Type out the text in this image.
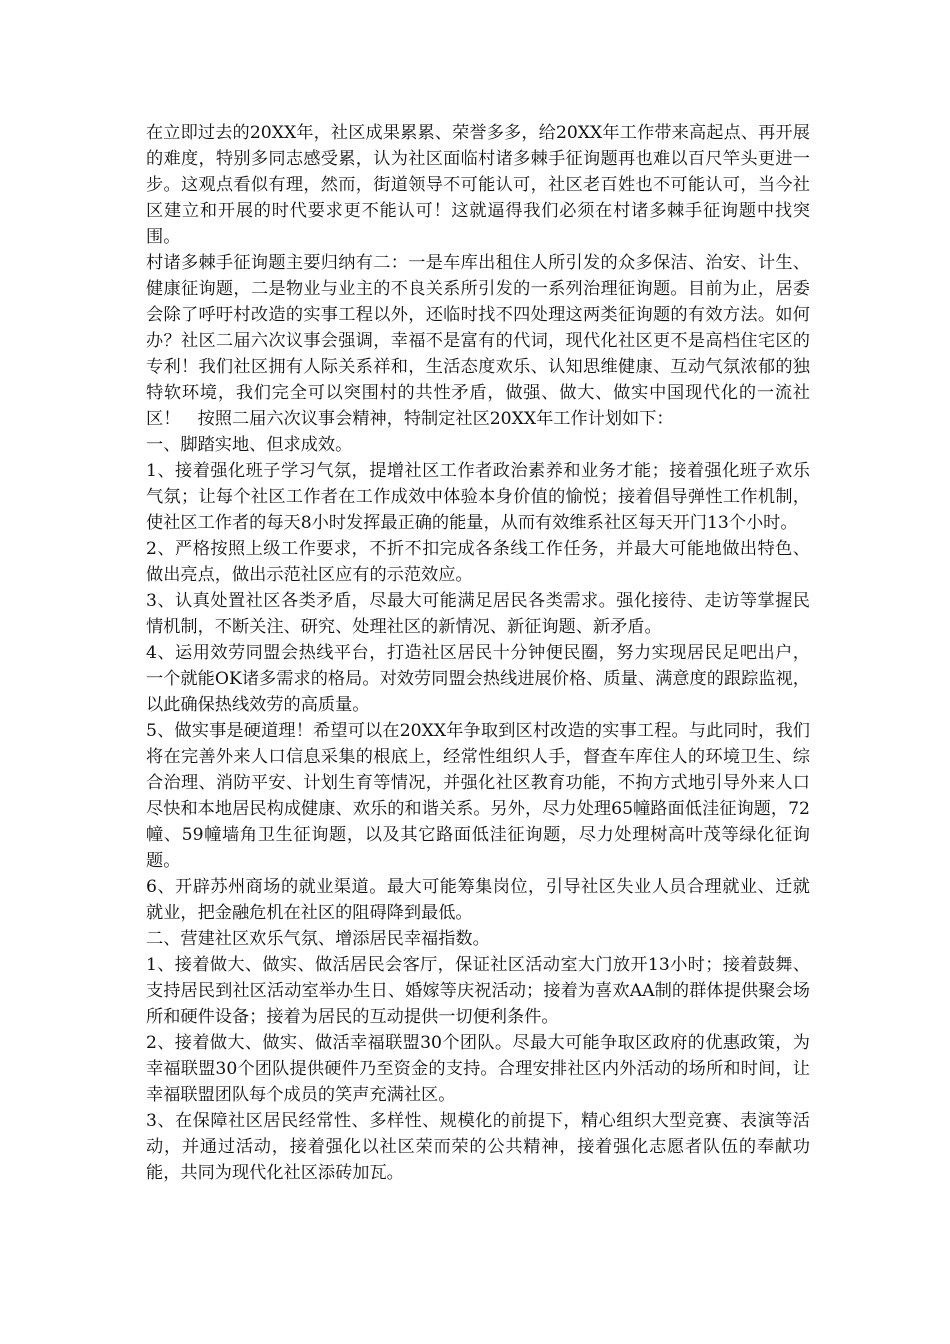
在立即过去的20XX年，社区成果累累、荣誉多多，给20XX年工作带来高起点、再开展的难度，特别多同志感受累，认为社区面临村诸多棘手征询题再也难以百尺竿头更进一步。这观点看似有理，然而，街道领导不可能认可，社区老百姓也不可能认可，当今社区建立和开展的时代要求更不能认可！这就逼得我们必须在村诸多棘手征询题中找突围。

村诸多棘手征询题主要归纳有二：一是车库出租住人所引发的众多保洁、治安、计生、健康征询题，二是物业与业主的不良关系所引发的一系列治理征询题。目前为止，居委会除了呼吁村改造的实事工程以外，还临时找不四处理这两类征询题的有效方法。如何办？社区二届六次议事会强调，幸福不是富有的代词，现代化社区更不是高档住宅区的专利！我们社区拥有人际关系祥和，生活态度欢乐、认知思维健康、互动气氛浓郁的独特软环境，我们完全可以突围村的共性矛盾，做强、做大、做实中国现代化的一流社区！　按照二届六次议事会精神，特制定社区20XX年工作计划如下：

一、脚踏实地、但求成效。

1、接着强化班子学习气氛，提增社区工作者政治素养和业务才能；接着强化班子欢乐气氛；让每个社区工作者在工作成效中体验本身价值的愉悦；接着倡导弹性工作机制，使社区工作者的每天8小时发挥最正确的能量，从而有效维系社区每天开门13个小时。

2、严格按照上级工作要求，不折不扣完成各条线工作任务，并最大可能地做出特色、做出亮点，做出示范社区应有的示范效应。

3、认真处置社区各类矛盾，尽最大可能满足居民各类需求。强化接待、走访等掌握民情机制，不断关注、研究、处理社区的新情况、新征询题、新矛盾。

4、运用效劳同盟会热线平台，打造社区居民十分钟便民圈，努力实现居民足吧出户，一个就能OK诸多需求的格局。对效劳同盟会热线进展价格、质量、满意度的跟踪监视，以此确保热线效劳的高质量。

5、做实事是硬道理！希望可以在20XX年争取到区村改造的实事工程。与此同时，我们将在完善外来人口信息采集的根底上，经常性组织人手，督查车库住人的环境卫生、综合治理、消防平安、计划生育等情况，并强化社区教育功能，不拘方式地引导外来人口尽快和本地居民构成健康、欢乐的和谐关系。另外，尽力处理65幢路面低洼征询题，72幢、59幢墙角卫生征询题，以及其它路面低洼征询题，尽力处理树高叶茂等绿化征询题。

6、开辟苏州商场的就业渠道。最大可能筹集岗位，引导社区失业人员合理就业、迁就就业，把金融危机在社区的阻碍降到最低。

二、营建社区欢乐气氛、增添居民幸福指数。

1、接着做大、做实、做活居民会客厅，保证社区活动室大门放开13小时；接着鼓舞、支持居民到社区活动室举办生日、婚嫁等庆祝活动；接着为喜欢AA制的群体提供聚会场所和硬件设备；接着为居民的互动提供一切便利条件。

2、接着做大、做实、做活幸福联盟30个团队。尽最大可能争取区政府的优惠政策，为幸福联盟30个团队提供硬件乃至资金的支持。合理安排社区内外活动的场所和时间，让幸福联盟团队每个成员的笑声充满社区。

3、在保障社区居民经常性、多样性、规模化的前提下，精心组织大型竞赛、表演等活动，并通过活动，接着强化以社区荣而荣的公共精神，接着强化志愿者队伍的奉献功能，共同为现代化社区添砖加瓦。
